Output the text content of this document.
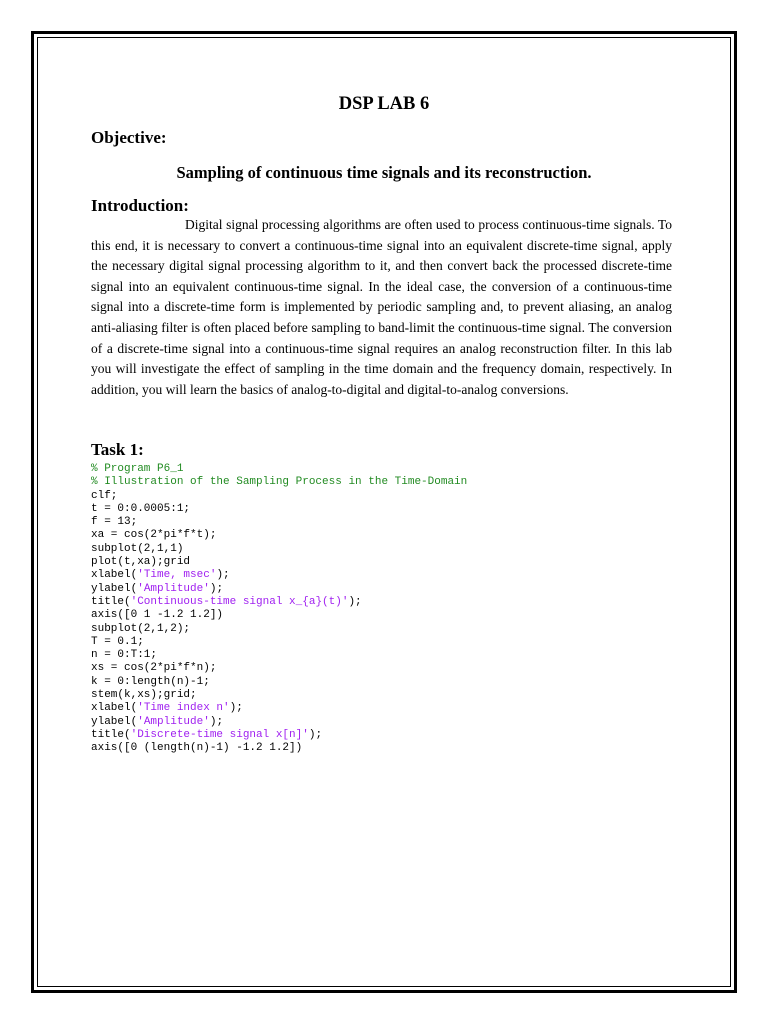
DSP LAB 6
Objective:

Sampling of continuous time signals and its reconstruction.

Introduction:

Digital signal processing algorithms are often used to process continuous-time signals. To this end, it is necessary to convert a continuous-time signal into an equivalent discrete-time signal, apply the necessary digital signal processing algorithm to it, and then convert back the processed discrete-time signal into an equivalent continuous-time signal. In the ideal case, the conversion of a continuous-time signal into a discrete-time form is implemented by periodic sampling and, to prevent aliasing, an analog anti-aliasing filter is often placed before sampling to band-limit the continuous-time signal. The conversion of a discrete-time signal into a continuous-time signal requires an analog reconstruction filter. In this lab you will investigate the effect of sampling in the time domain and the frequency domain, respectively. In addition, you will learn the basics of analog-to-digital and digital-to-analog conversions.

Task 1:
% Program P6_1
% Illustration of the Sampling Process in the Time-Domain
clf;
t = 0:0.0005:1;
f = 13;
xa = cos(2*pi*f*t);
subplot(2,1,1)
plot(t,xa);grid
xlabel('Time, msec');
ylabel('Amplitude');
title('Continuous-time signal x_{a}(t)');
axis([0 1 -1.2 1.2])
subplot(2,1,2);
T = 0.1;
n = 0:T:1;
xs = cos(2*pi*f*n);
k = 0:length(n)-1;
stem(k,xs);grid;
xlabel('Time index n');
ylabel('Amplitude');
title('Discrete-time signal x[n]');
axis([0 (length(n)-1) -1.2 1.2])
